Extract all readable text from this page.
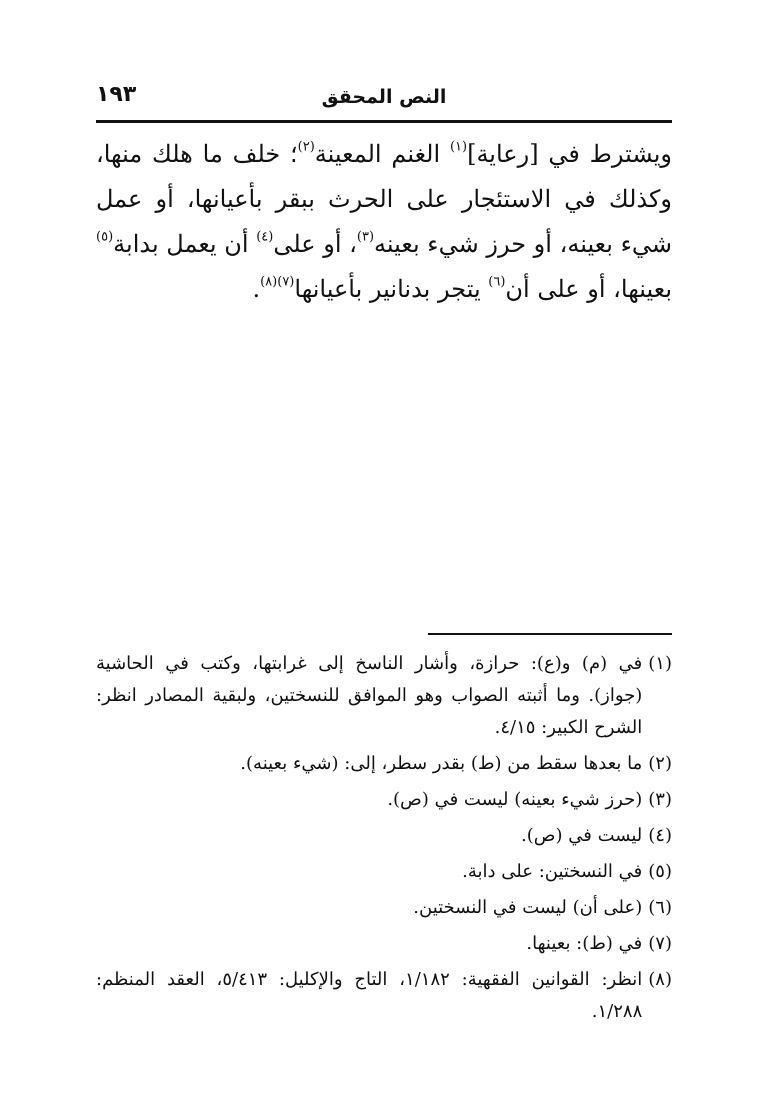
النص المحقق
١٩٣

ويشترط في [رعاية]$^{(١)}$ الغنم المعينة$^{(٢)}$؛ خلف ما هلك منها، وكذلك في الاستئجار على الحرث ببقر بأعيانها، أو عمل شيء بعينه، أو حرز شيء بعينه$^{(٣)}$، أو على$^{(٤)}$ أن يعمل بدابة$^{(٥)}$ بعينها، أو على أن$^{(٦)}$ يتجر بدنانير بأعيانها$^{(٧)(٨)}$.

(١)
في (م) و(ع): حرازة، وأشار الناسخ إلى غرابتها، وكتب في الحاشية (جواز). وما أثبته الصواب وهو الموافق للنسختين، ولبقية المصادر انظر: الشرح الكبير: ٤/١٥.
(٢)
ما بعدها سقط من (ط) بقدر سطر، إلى: (شيء بعينه).
(٣)
(حرز شيء بعينه) ليست في (ص).
(٤)
ليست في (ص).
(٥)
في النسختين: على دابة.
(٦)
(على أن) ليست في النسختين.
(٧)
في (ط): بعينها.
(٨)
انظر: القوانين الفقهية: ١/١٨٢، التاج والإكليل: ٥/٤١٣، العقد المنظم: ١/٢٨٨.
